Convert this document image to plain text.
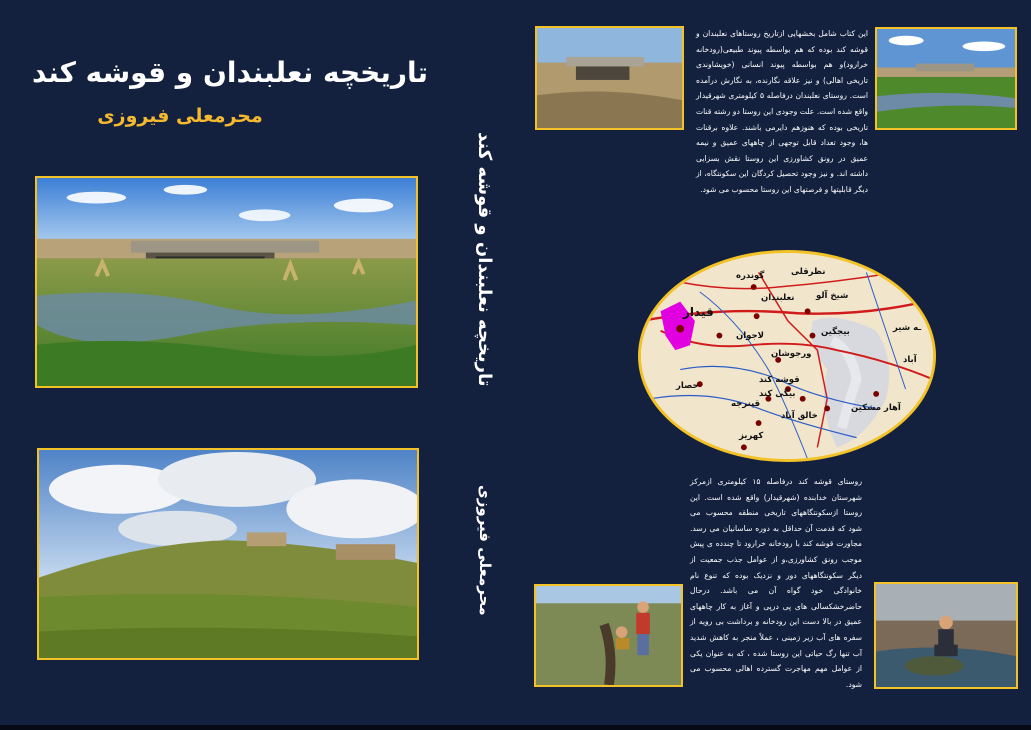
تاریخچه نعلبندان و قوشه کند
محرمعلی فیروزی
تاریخچه نعلبندان و قوشه کند
محرمعلی فیروزی
این کتاب شامل بخشهایی ازتاریخ روستاهای نعلبندان و قوشه کند بوده که هم بواسطه پیوند طبیعی(رودخانه خرارود)و هم بواسطه پیوند انسانی (خویشاوندی تاریخی اهالی) و نیز علاقه نگارنده، به نگارش درآمده است. روستای نعلبندان درفاصله ۵ کیلومتری شهرقیدار واقع شده است. علت وجودی این روستا دو رشته قنات تاریخی بوده که هنوزهم دایرمی باشند. علاوه برقنات ها، وجود تعداد قابل توجهی از چاههای عمیق و نیمه عمیق در رونق کشاورزی این روستا نقش بسزایی داشته اند. و نیز وجود تحصیل کردگان این سکونتگاه، از دیگر قابلیتها و فرصتهای این روستا محسوب می شود.
گوندره	نظرقلی
قیدار
نعلبندان	شیخ آلو
لاجوان	بیجگین
ورجوشان
حصار
قوشه کند
بیگی کند
قینرجه
خالق آباد
آهار مشکین
کهریز
ب قره
ـه شیر
آباد
روستای قوشه کند درفاصله ۱۵ کیلومتری ازمرکز شهرستان خدابنده (شهرقیدار) واقع شده است. این روستا ازسکونتگاههای تاریخی منطقه محسوب می شود که قدمت آن حداقل به دوره ساسانیان می رسد. مجاورت قوشه کند با رودخانه خرارود تا چندده ی پیش موجب رونق کشاورزی،و از عوامل جذب جمعیت از دیگر سکونتگاههای دور و نزدیک بوده که تنوع نام خانوادگی خود گواه آن می باشد. درحال حاضرخشکسالی های پی درپی و آغاز به کار چاههای عمیق در بالا دست این رودخانه و برداشت بی رویه از سفره های آب زیر زمینی ، عملاً منجر به کاهش شدید آب تنها رگ حیاتی این روستا شده ، که به عنوان یکی از عوامل مهم مهاجرت گسترده اهالی محسوب می شود.
